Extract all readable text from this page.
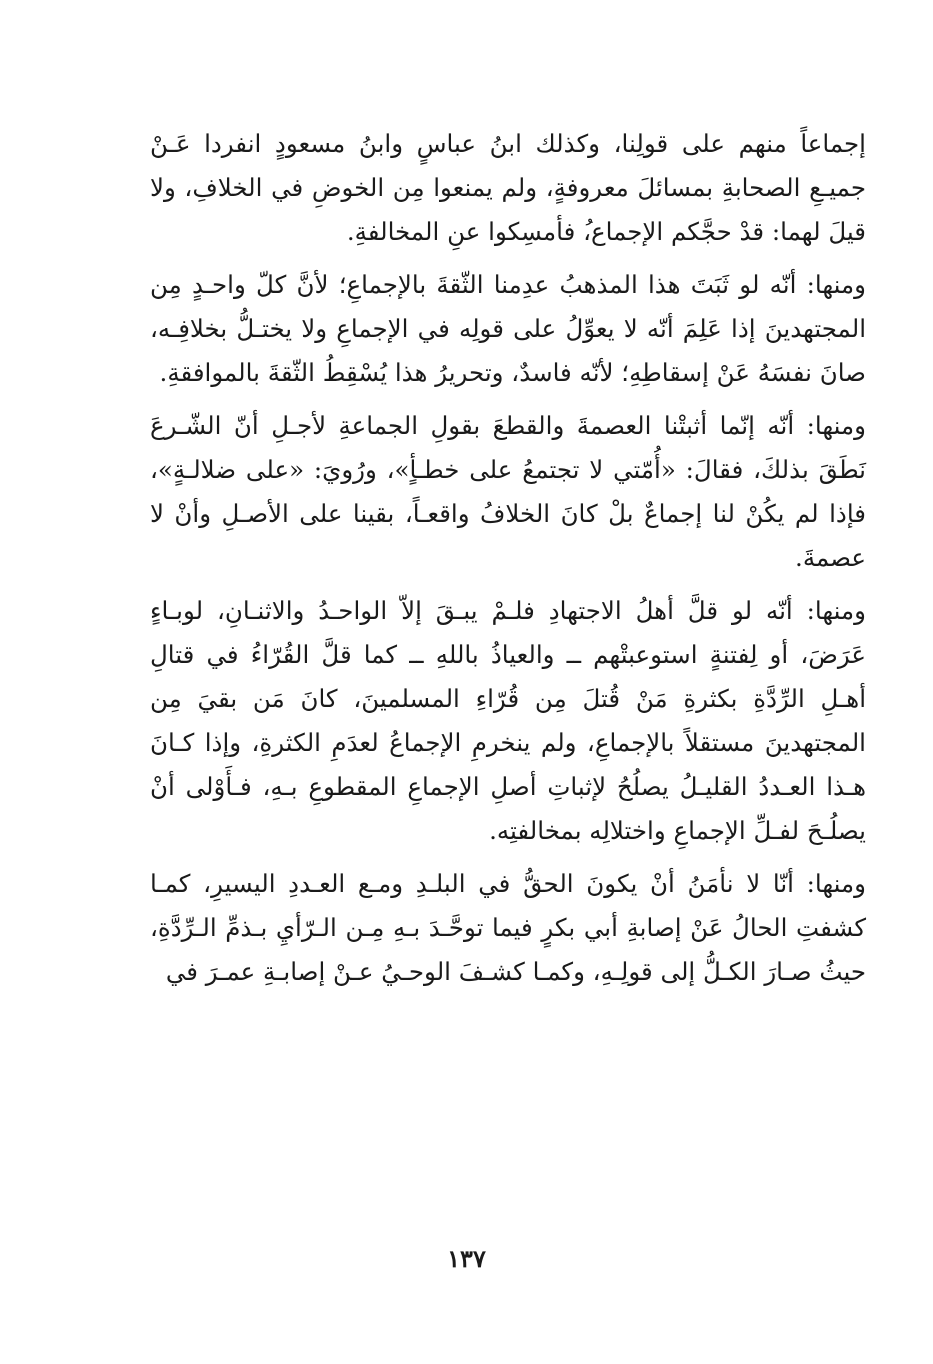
إجماعاً منهم على قولِنا، وكذلك ابنُ عباسٍ وابنُ مسعودٍ انفردا عَـنْ جميـعِ الصحابةِ بمسائلَ معروفةٍ، ولم يمنعوا مِن الخوضِ في الخلافِ، ولا قيلَ لهما: قدْ حجَّكم الإجماع،ُ فأمسِكوا عنِ المخالفةِ.

ومنها: أنّه لو ثَبَتَ هذا المذهبُ عدِمنا الثّقةَ بالإجماعِ؛ لأنَّ كلّ واحـدٍ مِن المجتهدينَ إذا عَلِمَ أنّه لا يعوِّلُ على قولِه في الإجماعِ ولا يختـلُّ بخلافِـه، صانَ نفسَهُ عَنْ إسقاطِهِ؛ لأنّه فاسدٌ، وتحريرُ هذا يُسْقِطُ الثّقةَ بالموافقةِ.

ومنها: أنّه إنّما أثبتْنا العصمةَ والقطعَ بقولِ الجماعةِ لأجـلِ أنّ الشّـرعَ نَطَقَ بذلكَ، فقالَ: «أُمّتي لا تجتمعُ على خطـأٍ»، ورُويَ: «على ضلالـةٍ»، فإذا لم يكُنْ لنا إجماعٌ بلْ كانَ الخلافُ واقعـاً، بقينا على الأصـلِ وأنْ لا عصمةَ.

ومنها: أنّه لو قلَّ أهلُ الاجتهادِ فلـمْ يبـقَ إلاّ الواحـدُ والاثنـانِ، لوبـاءٍ عَرَضَ، أو لِفتنةٍ استوعبتْهم ــ والعياذُ باللهِ ــ كما قلَّ القُرّاءُ في قتالِ أهـلِ الرِّدَّةِ بكثرةِ مَنْ قُتلَ مِن قُرّاءِ المسلمينَ، كانَ مَن بقيَ مِن المجتهدينَ مستقلاً بالإجماعِ، ولم ينخرمِ الإجماعُ لعدَمِ الكثرةِ، وإذا كـانَ هـذا العـددُ القليـلُ يصلُحُ لإثباتِ أصلِ الإجماعِ المقطوعِ بـهِ، فـأَوْلى أنْ يصلُـحَ لفـلِّ الإجماعِ واختلالِه بمخالفتِه.

ومنها: أنّا لا نأمَنُ أنْ يكونَ الحقُّ في البلـدِ ومـع العـددِ اليسيرِ، كمـا كشفتِ الحالُ عَنْ إصابةِ أبي بكرٍ فيما توحَّـدَ بـهِ مِـن الـرّأيِ بـذمِّ الـرِّدَّةِ، حيثُ صـارَ الكـلُّ إلى قولِـهِ، وكمـا كشـفَ الوحـيُ عـنْ إصابـةِ عمـرَ في

١٣٧
